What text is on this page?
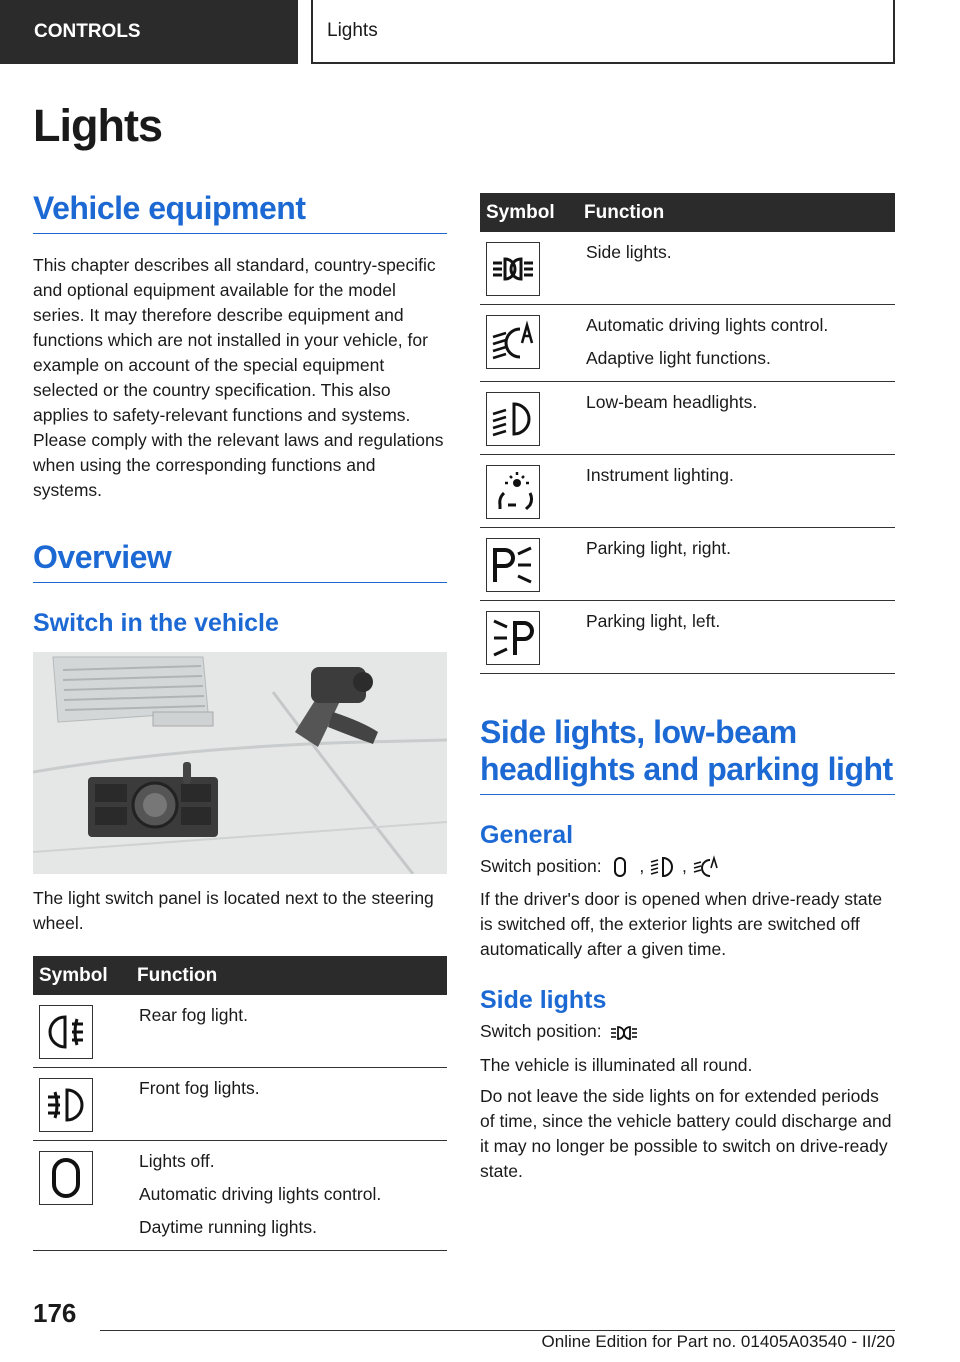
CONTROLS	Lights
Lights
Vehicle equipment

This chapter describes all standard, country-specific and optional equipment available for the model series. It may therefore describe equipment and functions which are not installed in your vehicle, for example on account of the special equipment selected or the country specification. This also applies to safety-relevant functions and systems. Please comply with the relevant laws and regulations when using the corresponding functions and systems.

Overview
Switch in the vehicle

The light switch panel is located next to the steering wheel.

Symbol	Function

Rear fog light.

Front fog lights.

Lights off.
Automatic driving lights control.
Daytime running lights.
Symbol	Function

Side lights.

Automatic driving lights control.
Adaptive light functions.

Low-beam headlights.

Instrument lighting.

Parking light, right.

Parking light, left.
Side lights, low-beam headlights and parking light
General

Switch position: , ,

If the driver's door is opened when drive-ready state is switched off, the exterior lights are switched off automatically after a given time.

Side lights

Switch position:

The vehicle is illuminated all round.

Do not leave the side lights on for extended periods of time, since the vehicle battery could discharge and it may no longer be possible to switch on drive-ready state.

176
Online Edition for Part no. 01405A03540 - II/20
